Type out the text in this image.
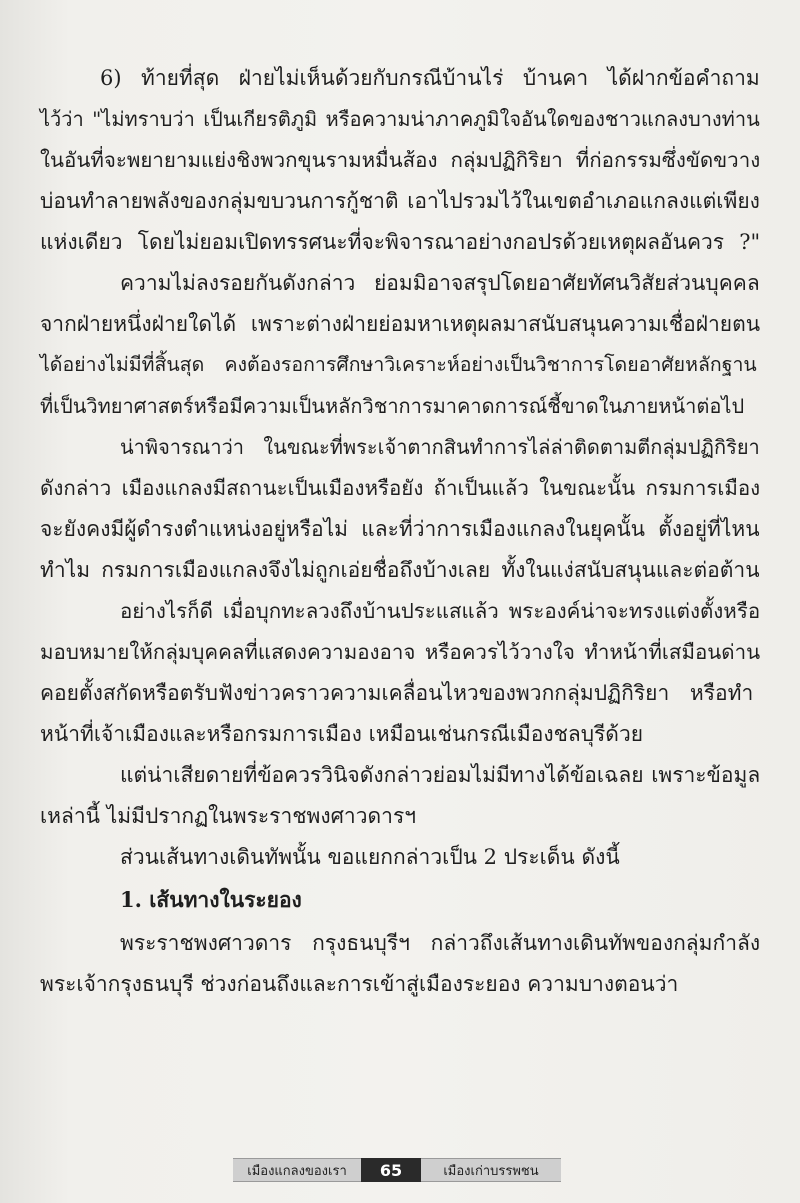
6) ท้ายที่สุด ฝ่ายไม่เห็นด้วยกับกรณีบ้านไร่ บ้านคา ได้ฝากข้อคำถาม
ไว้ว่า "ไม่ทราบว่า เป็นเกียรติภูมิ หรือความน่าภาคภูมิใจอันใดของชาวแกลงบางท่าน
ในอันที่จะพยายามแย่งชิงพวกขุนรามหมื่นส้อง กลุ่มปฏิกิริยา ที่ก่อกรรมซึ่งขัดขวาง
บ่อนทำลายพลังของกลุ่มขบวนการกู้ชาติ เอาไปรวมไว้ในเขตอำเภอแกลงแต่เพียง
แห่งเดียว โดยไม่ยอมเปิดทรรศนะที่จะพิจารณาอย่างกอปรด้วยเหตุผลอันควร ?"
ความไม่ลงรอยกันดังกล่าว ย่อมมิอาจสรุปโดยอาศัยทัศนวิสัยส่วนบุคคล
จากฝ่ายหนึ่งฝ่ายใดได้ เพราะต่างฝ่ายย่อมหาเหตุผลมาสนับสนุนความเชื่อฝ่ายตน
ได้อย่างไม่มีที่สิ้นสุด คงต้องรอการศึกษาวิเคราะห์อย่างเป็นวิชาการโดยอาศัยหลักฐาน
ที่เป็นวิทยาศาสตร์หรือมีความเป็นหลักวิชาการมาคาดการณ์ชี้ขาดในภายหน้าต่อไป
น่าพิจารณาว่า ในขณะที่พระเจ้าตากสินทำการไล่ล่าติดตามตีกลุ่มปฏิกิริยา
ดังกล่าว เมืองแกลงมีสถานะเป็นเมืองหรือยัง ถ้าเป็นแล้ว ในขณะนั้น กรมการเมือง
จะยังคงมีผู้ดำรงตำแหน่งอยู่หรือไม่ และที่ว่าการเมืองแกลงในยุคนั้น ตั้งอยู่ที่ไหน
ทำไม กรมการเมืองแกลงจึงไม่ถูกเอ่ยชื่อถึงบ้างเลย ทั้งในแง่สนับสนุนและต่อต้าน
อย่างไรก็ดี เมื่อบุกทะลวงถึงบ้านประแสแล้ว พระองค์น่าจะทรงแต่งตั้งหรือ
มอบหมายให้กลุ่มบุคคลที่แสดงความองอาจ หรือควรไว้วางใจ ทำหน้าที่เสมือนด่าน
คอยตั้งสกัดหรือตรับฟังข่าวคราวความเคลื่อนไหวของพวกกลุ่มปฏิกิริยา หรือทำ
หน้าที่เจ้าเมืองและหรือกรมการเมือง เหมือนเช่นกรณีเมืองชลบุรีด้วย
แต่น่าเสียดายที่ข้อควรวินิจดังกล่าวย่อมไม่มีทางได้ข้อเฉลย เพราะข้อมูล
เหล่านี้ ไม่มีปรากฏในพระราชพงศาวดารฯ
ส่วนเส้นทางเดินทัพนั้น ขอแยกกล่าวเป็น 2 ประเด็น ดังนี้
1. เส้นทางในระยอง
พระราชพงศาวดาร กรุงธนบุรีฯ กล่าวถึงเส้นทางเดินทัพของกลุ่มกำลัง
พระเจ้ากรุงธนบุรี ช่วงก่อนถึงและการเข้าสู่เมืองระยอง ความบางตอนว่า
เมืองแกลงของเรา	65	เมืองเก่าบรรพชน
